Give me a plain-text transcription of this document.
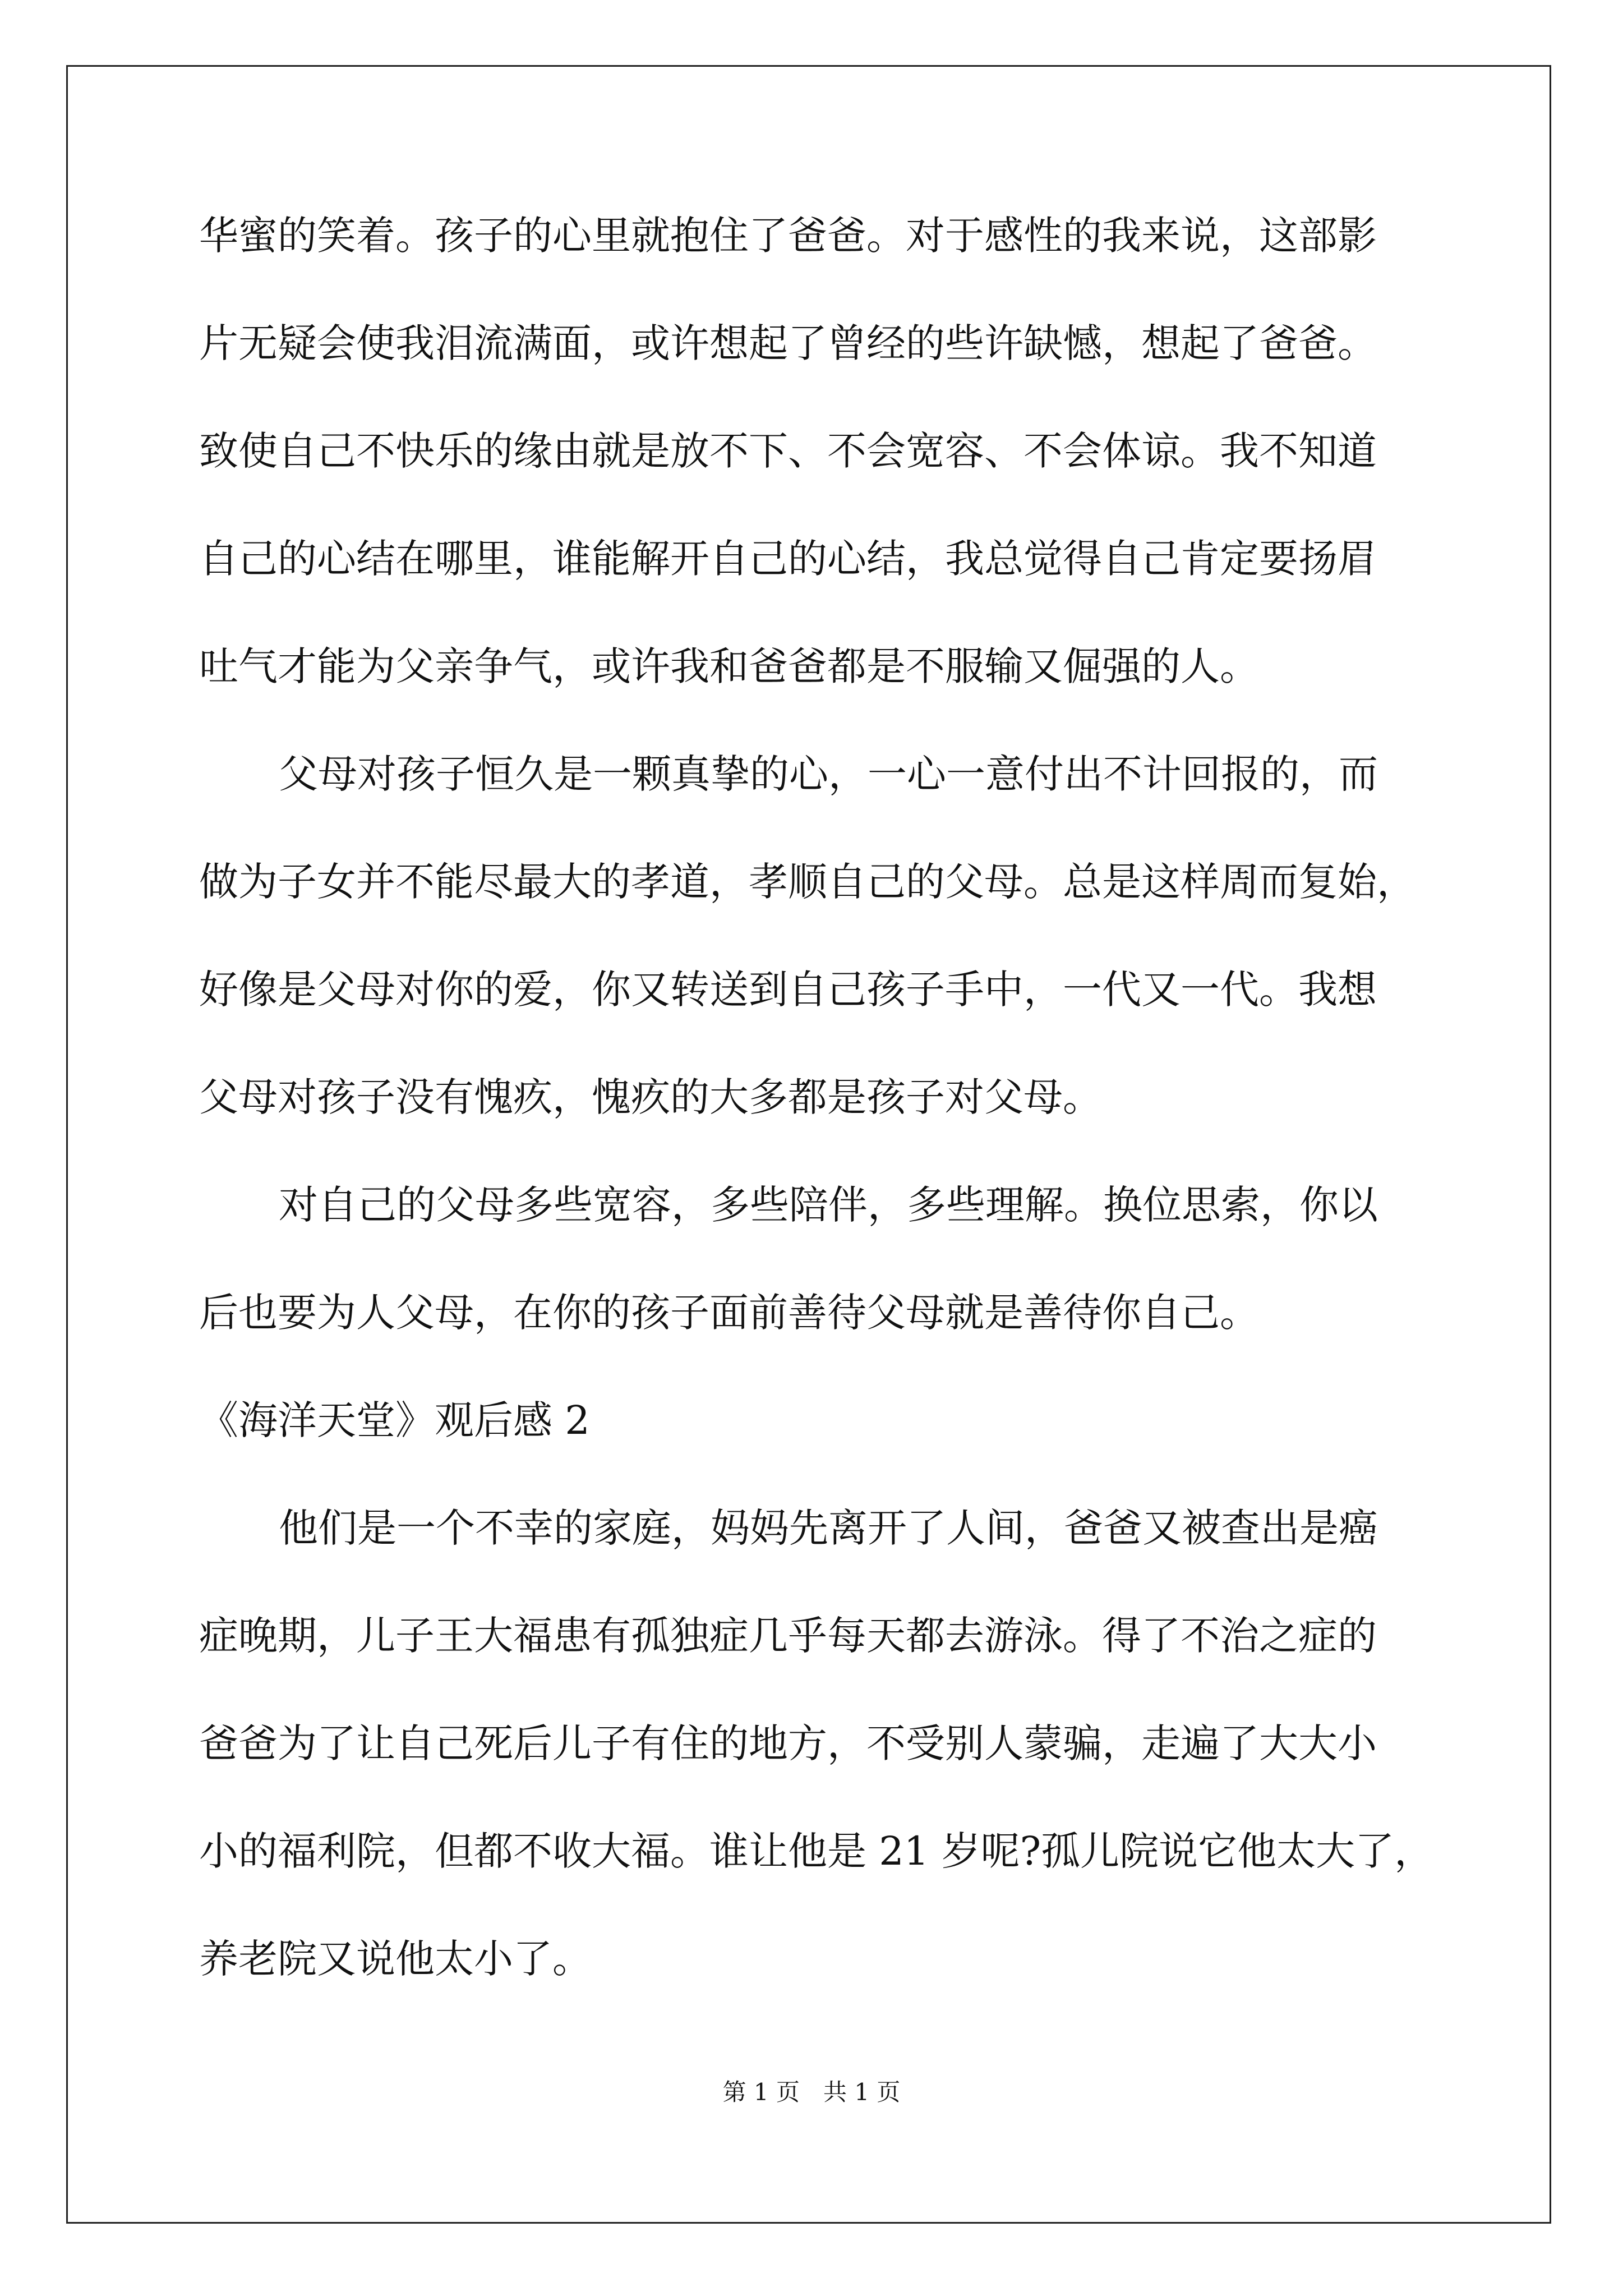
华蜜的笑着。孩子的心里就抱住了爸爸。对于感性的我来说，这部影
片无疑会使我泪流满面，或许想起了曾经的些许缺憾，想起了爸爸。
致使自己不快乐的缘由就是放不下、不会宽容、不会体谅。我不知道
自己的心结在哪里，谁能解开自己的心结，我总觉得自己肯定要扬眉
吐气才能为父亲争气，或许我和爸爸都是不服输又倔强的人。
父母对孩子恒久是一颗真挚的心，一心一意付出不计回报的，而
做为子女并不能尽最大的孝道，孝顺自己的父母。总是这样周而复始，
好像是父母对你的爱，你又转送到自己孩子手中，一代又一代。我想
父母对孩子没有愧疚，愧疚的大多都是孩子对父母。
对自己的父母多些宽容，多些陪伴，多些理解。换位思索，你以
后也要为人父母，在你的孩子面前善待父母就是善待你自己。
《海洋天堂》观后感 2
他们是一个不幸的家庭，妈妈先离开了人间，爸爸又被查出是癌
症晚期，儿子王大福患有孤独症几乎每天都去游泳。得了不治之症的
爸爸为了让自己死后儿子有住的地方，不受别人蒙骗，走遍了大大小
小的福利院，但都不收大福。谁让他是 21 岁呢?孤儿院说它他太大了，
养老院又说他太小了。
第 1 页　共 1 页
